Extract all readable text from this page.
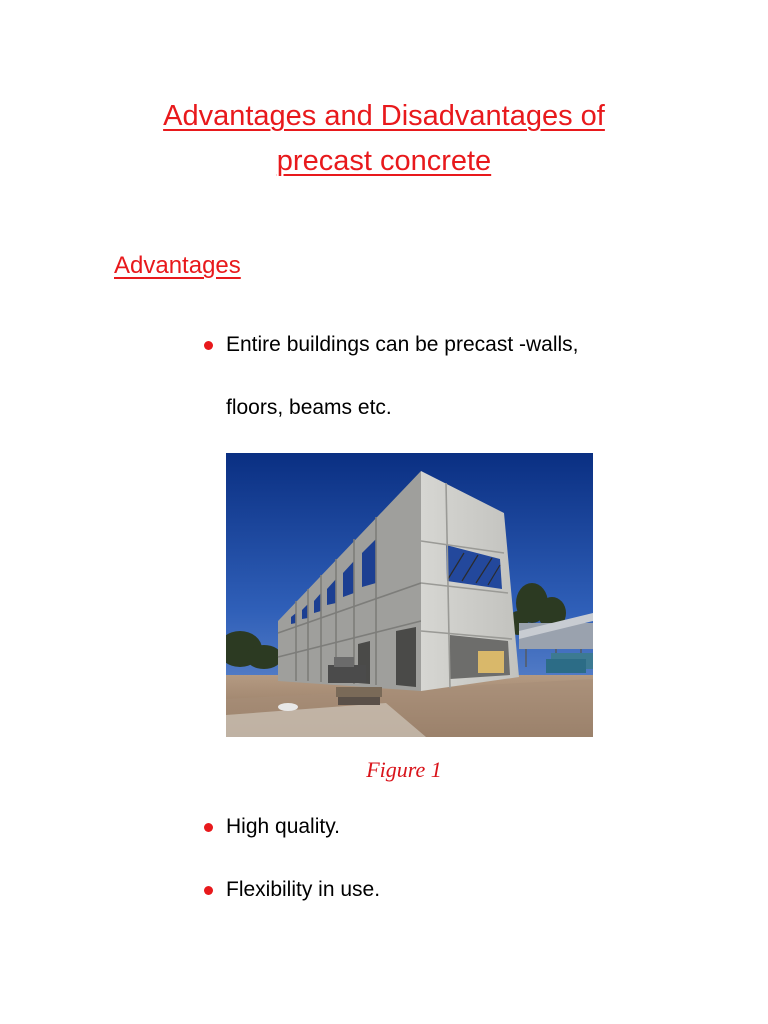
Advantages and Disadvantages of
precast concrete
Advantages
Entire buildings can be precast -walls,
floors, beams etc.
Figure 1
High quality.
Flexibility in use.
